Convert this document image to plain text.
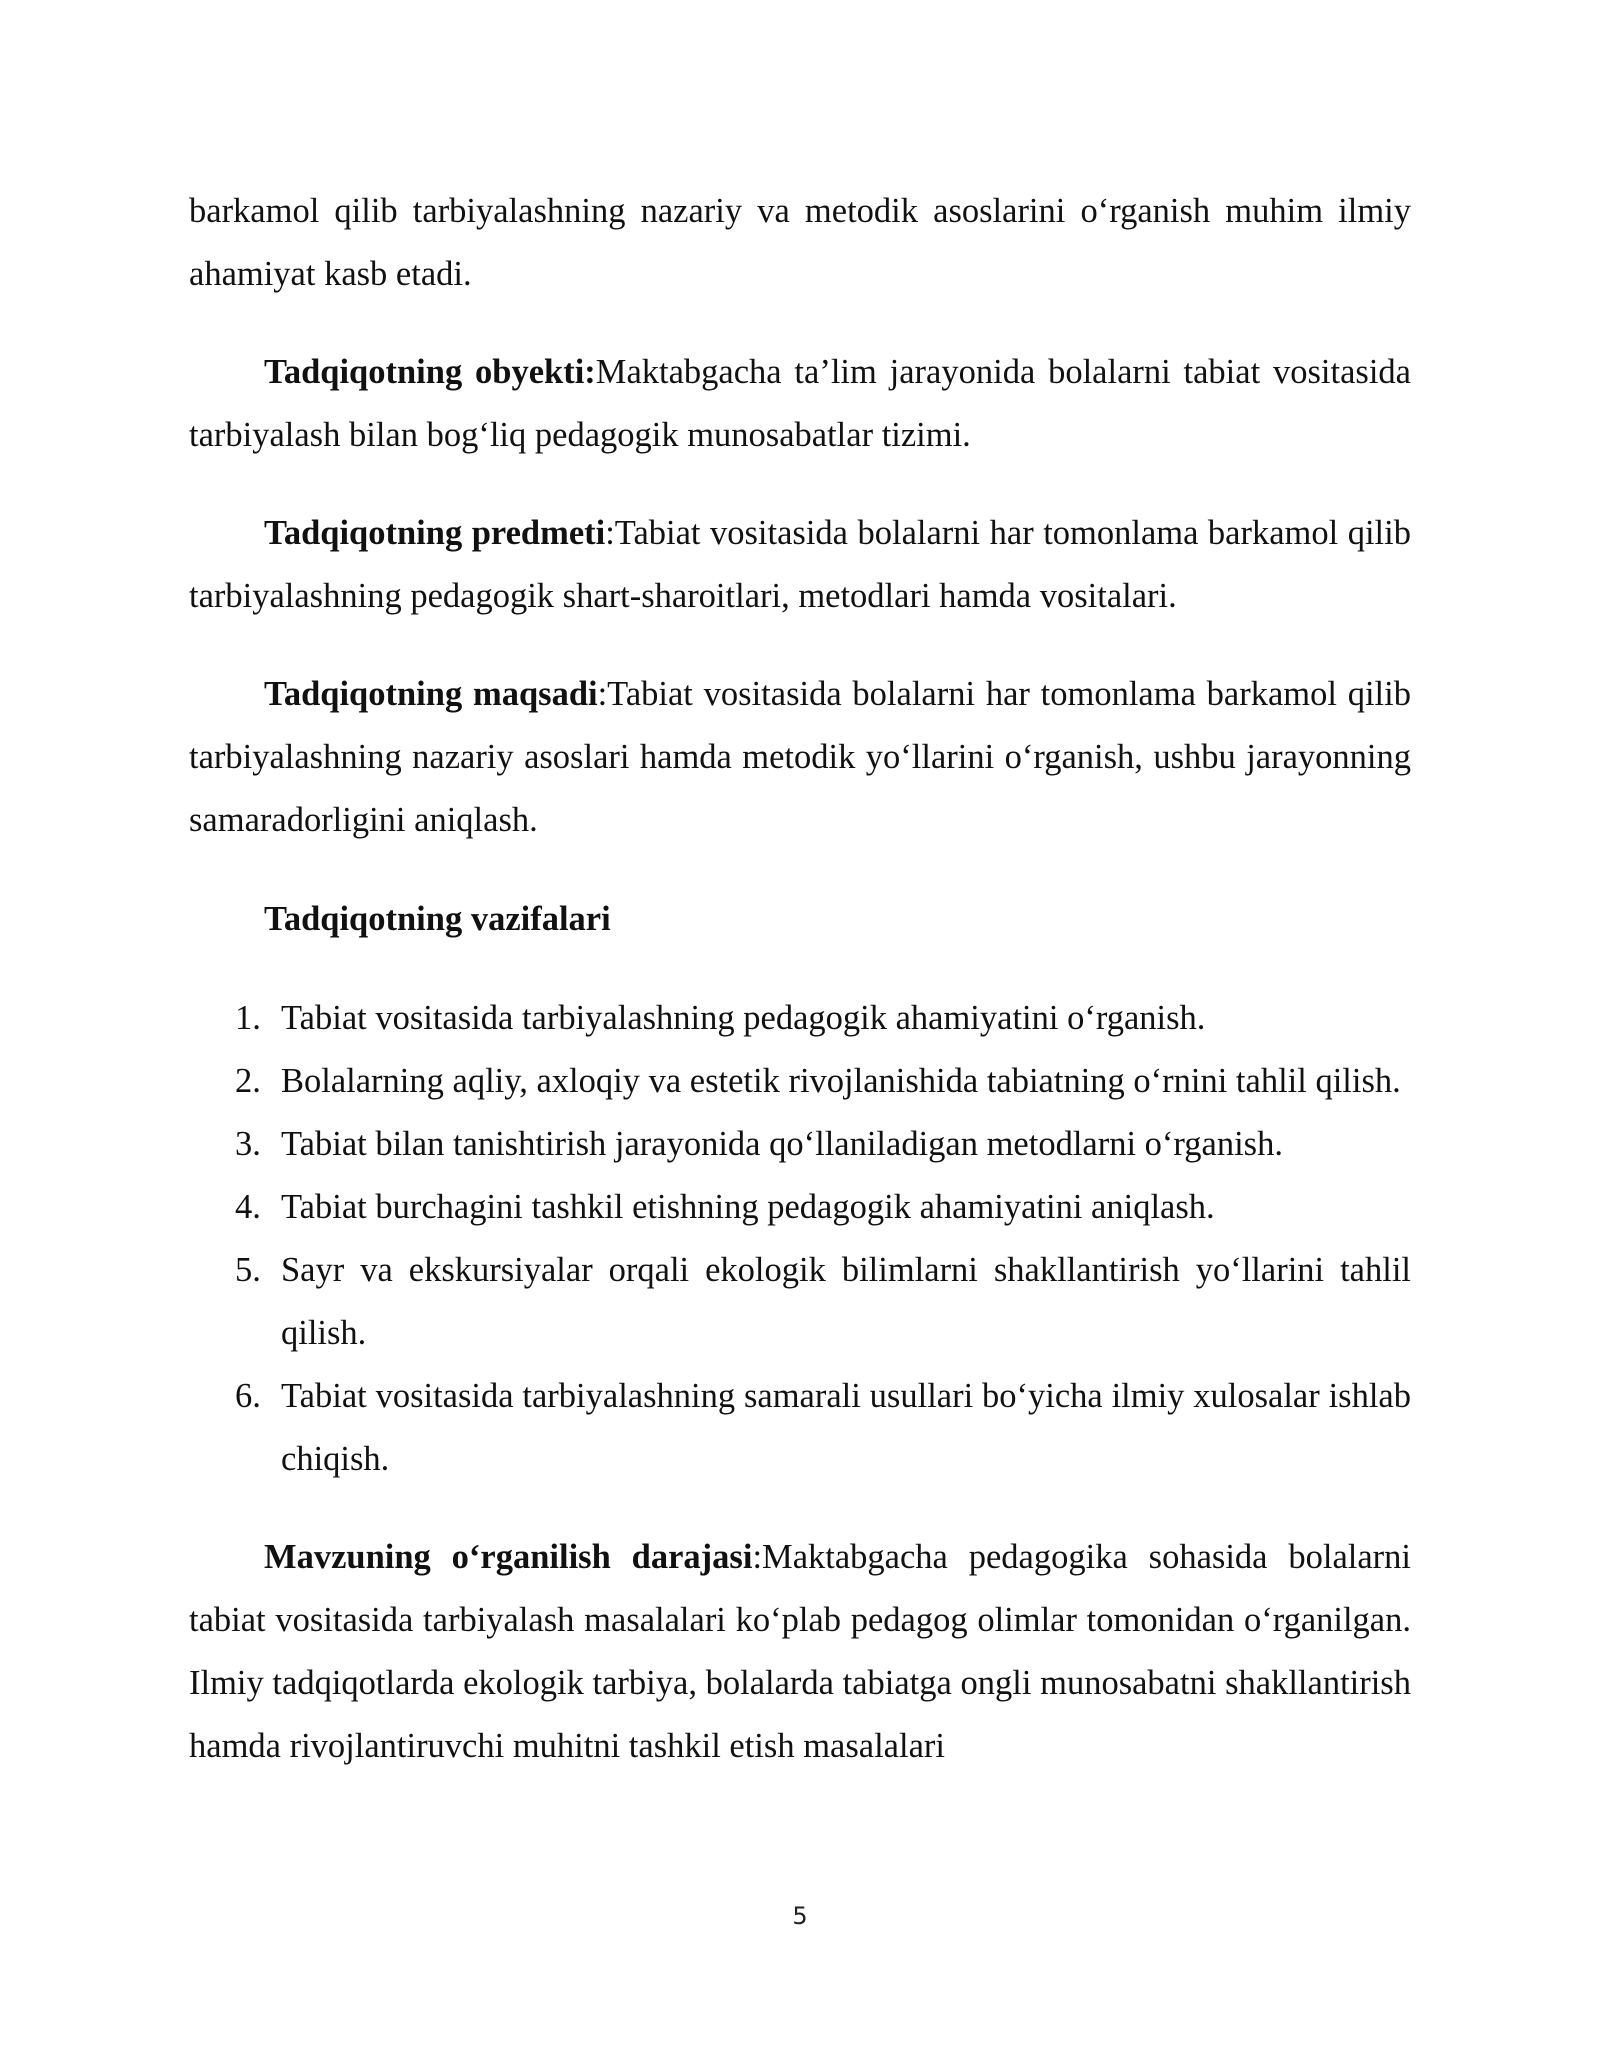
barkamol qilib tarbiyalashning nazariy va metodik asoslarini o‘rganish muhim ilmiy ahamiyat kasb etadi.

Tadqiqotning obyekti:Maktabgacha ta’lim jarayonida bolalarni tabiat vositasida tarbiyalash bilan bog‘liq pedagogik munosabatlar tizimi.

Tadqiqotning predmeti:Tabiat vositasida bolalarni har tomonlama barkamol qilib tarbiyalashning pedagogik shart-sharoitlari, metodlari hamda vositalari.

Tadqiqotning maqsadi:Tabiat vositasida bolalarni har tomonlama barkamol qilib tarbiyalashning nazariy asoslari hamda metodik yo‘llarini o‘rganish, ushbu jarayonning samaradorligini aniqlash.

Tadqiqotning vazifalari

1. Tabiat vositasida tarbiyalashning pedagogik ahamiyatini o‘rganish.
2. Bolalarning aqliy, axloqiy va estetik rivojlanishida tabiatning o‘rnini tahlil qilish.
3. Tabiat bilan tanishtirish jarayonida qo‘llaniladigan metodlarni o‘rganish.
4. Tabiat burchagini tashkil etishning pedagogik ahamiyatini aniqlash.
5. Sayr va ekskursiyalar orqali ekologik bilimlarni shakllantirish yo‘llarini tahlil qilish.
6. Tabiat vositasida tarbiyalashning samarali usullari bo‘yicha ilmiy xulosalar ishlab chiqish.

Mavzuning o‘rganilish darajasi:Maktabgacha pedagogika sohasida bolalarni tabiat vositasida tarbiyalash masalalari ko‘plab pedagog olimlar tomonidan o‘rganilgan. Ilmiy tadqiqotlarda ekologik tarbiya, bolalarda tabiatga ongli munosabatni shakllantirish hamda rivojlantiruvchi muhitni tashkil etish masalalari

5
